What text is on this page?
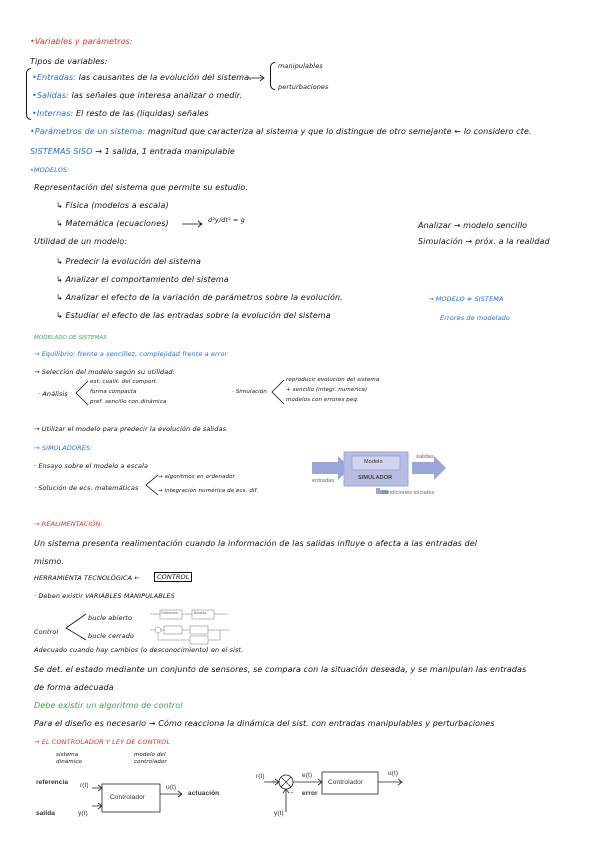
•Variables y parámetros:
Tipos de variables:
•Entradas: las causantes de la evolución del sistema.
manipulables
perturbaciones
•Salidas: las señales que interesa analizar o medir.
•Internas: El resto de las (liquidas) señales
•Parámetros de un sistema: magnitud que caracteriza al sistema y que lo distingue de otro semejante ← lo considero cte.
SISTEMAS SISO → 1 salida, 1 entrada manipulable
•MODELOS:
Representación del sistema que permite su estudio.
↳ Física (modelos a escala)
↳ Matemática (ecuaciones)	d²y/dt² = g
Analizar → modelo sencillo
Simulación → próx. a la realidad
Utilidad de un modelo:
↳ Predecir la evolución del sistema
↳ Analizar el comportamiento del sistema
↳ Analizar el efecto de la variación de parámetros sobre la evolución.
↳ Estudiar el efecto de las entradas sobre la evolución del sistema
→ MODELO ≠ SISTEMA
Errores de modelado
MODELADO DE SISTEMAS
→ Equilibrio: frente a sencillez, complejidad frente a error
→ Selección del modelo según su utilidad:
· Análisis
est. cualit. del comport.
forma compacta
pref. sencillo con dinámica
· Simulación
reproducir evolución del sistema
+ sencillo (integr. numérica)
modelos con errores peq.
→ Utilizar el modelo para predecir la evolución de salidas.
→ SIMULADORES:
· Ensayo sobre el modelo a escala
· Solución de ecs. matemáticas
→ algoritmos en ordenador
→ integración numérica de ecs. dif.
Modelo
SIMULADOR
entradas
salidas
condiciones iniciales
→ REALIMENTACIÓN:
Un sistema presenta realimentación cuando la información de las salidas influye o afecta a las entradas del
mismo.
HERRAMIENTA TECNOLÓGICA ←	CONTROL
· Deben existir VARIABLES MANIPULABLES
Control
bucle abierto
bucle cerrado
Obtención	Bobella
Adecuado cuando hay cambios (o desconocimiento) en el sist.
Se det. el estado mediante un conjunto de sensores, se compara con la situación deseada, y se manipulan las entradas
de forma adecuada
Debe existir un algoritmo de control
Para el diseño es necesario → Cómo reacciona la dinámica del sist. con entradas manipulables y perturbaciones
→ EL CONTROLADOR Y LEY DE CONTROL
sistema dinámico
modelo del controlador
referencia r(t)
salida	y(t)
Controlador
u(t)
actuación
r(t)
+
−
e(t)
error
Controlador
u(t)
y(t)
